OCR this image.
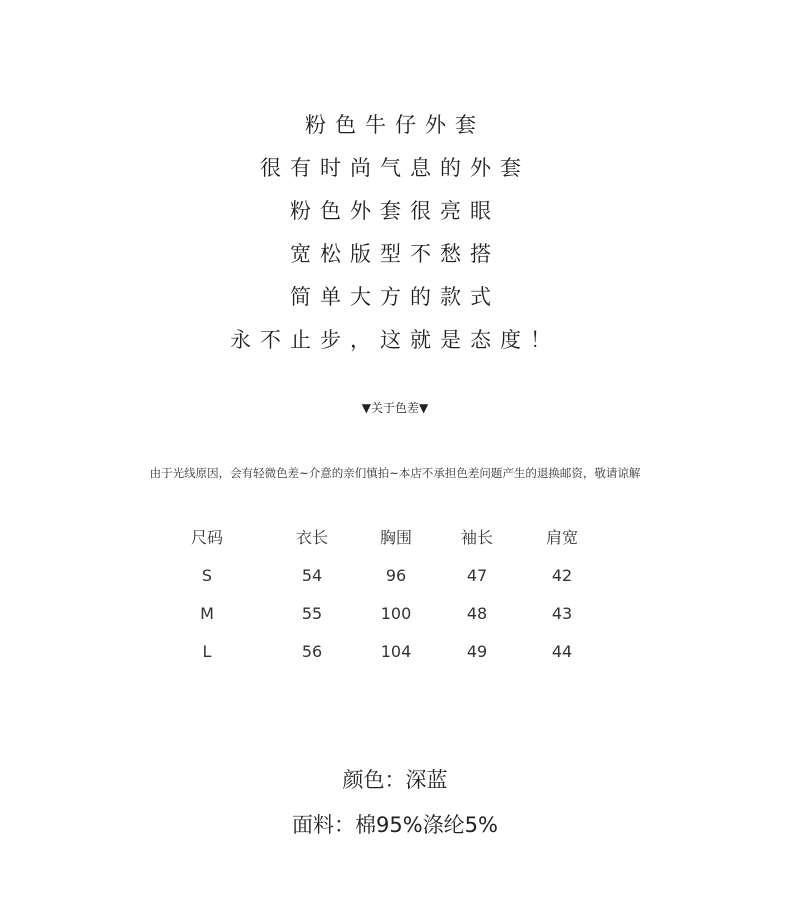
粉色牛仔外套
很有时尚气息的外套
粉色外套很亮眼
宽松版型不愁搭
简单大方的款式
永不止步，这就是态度！
▼关于色差▼
由于光线原因，会有轻微色差~介意的亲们慎拍~本店不承担色差问题产生的退换邮资，敬请谅解
尺码	衣长	胸围	袖长	肩宽
S	54	96	47	42
M	55	100	48	43
L	56	104	49	44
颜色：深蓝
面料：棉95%涤纶5%
